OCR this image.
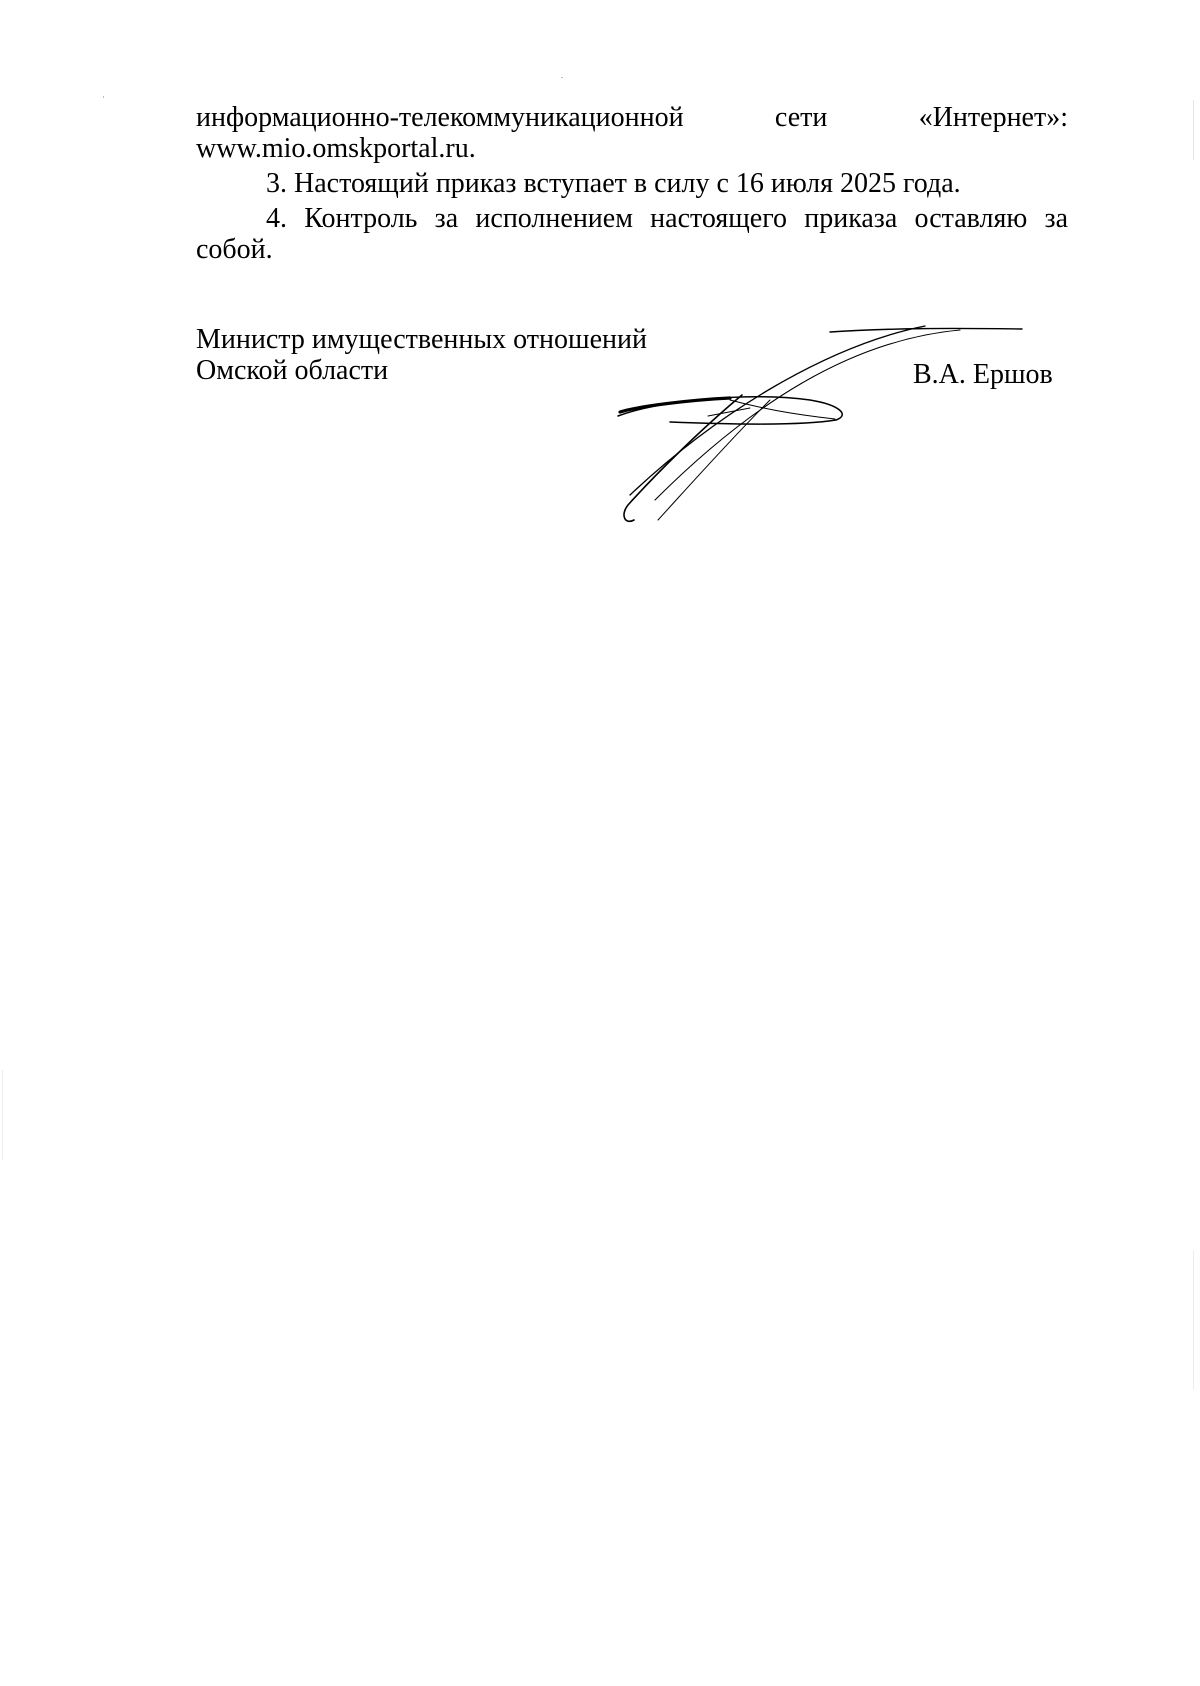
информационно-телекоммуникационной	сети	«Интернет»:
www.mio.omskportal.ru.
3. Настоящий приказ вступает в силу с 16 июля 2025 года.
4. Контроль за исполнением настоящего приказа оставляю за собой.
Министр имущественных отношений
Омской области	В.А. Ершов
